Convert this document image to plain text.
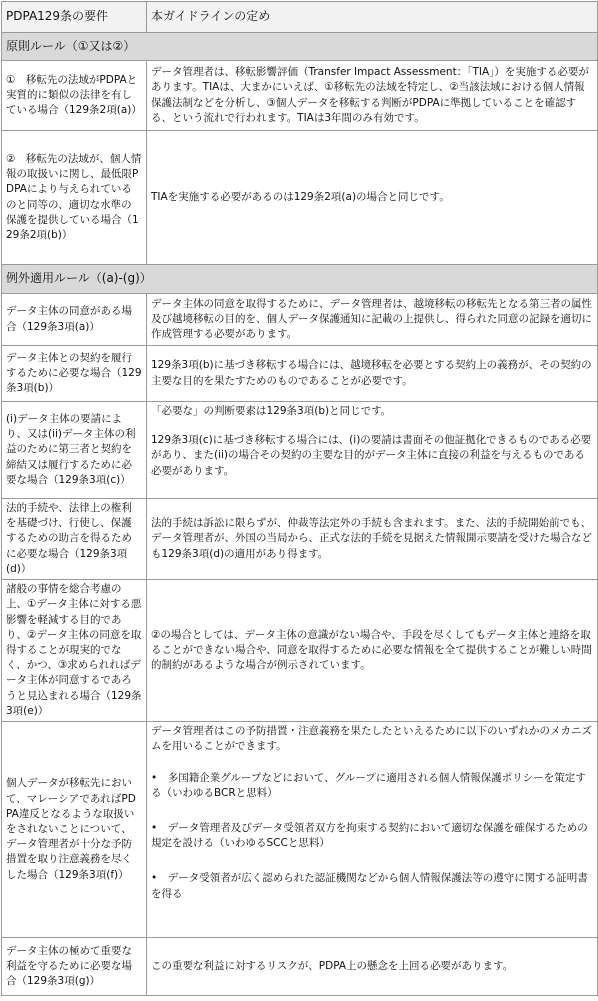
PDPA129条の要件	本ガイドラインの定め
原則ルール（①又は②）	
①　移転先の法域がPDPAと実質的に類似の法律を有している場合（129条2項(a)）	データ管理者は、移転影響評価（Transfer Impact Assessment：「TIA」）を実施する必要があります。TIAは、大まかにいえば、①移転先の法域を特定し、②当該法域における個人情報保護法制などを分析し、③個人データを移転する判断がPDPAに準拠していることを確認する、という流れで行われます。TIAは3年間のみ有効です。
②　移転先の法域が、個人情報の取扱いに関し、最低限PDPAにより与えられているのと同等の、適切な水準の保護を提供している場合（129条2項(b)）	TIAを実施する必要があるのは129条2項(a)の場合と同じです。
例外適用ルール（(a)-(g)）	
データ主体の同意がある場合（129条3項(a)）	データ主体の同意を取得するために、データ管理者は、越境移転の移転先となる第三者の属性及び越境移転の目的を、個人データ保護通知に記載の上提供し、得られた同意の記録を適切に作成管理する必要があります。
データ主体との契約を履行するために必要な場合（129条3項(b)）	129条3項(b)に基づき移転する場合には、越境移転を必要とする契約上の義務が、その契約の主要な目的を果たすためのものであることが必要です。
(i)データ主体の要請により、又は(ii)データ主体の利益のために第三者と契約を締結又は履行するために必要な場合（129条3項(c)）	「必要な」の判断要素は129条3項(b)と同じです。

129条3項(c)に基づき移転する場合には、(i)の要請は書面その他証拠化できるものである必要があり、また(ii)の場合その契約の主要な目的がデータ主体に直接の利益を与えるものである必要があります。

法的手続や、法律上の権利を基礎づけ、行使し、保護するための助言を得るために必要な場合（129条3項(d)）	法的手続は訴訟に限らずが、仲裁等法定外の手続も含まれます。また、法的手続開始前でも、データ管理者が、外国の当局から、正式な法的手続を見据えた情報開示要請を受けた場合なども129条3項(d)の適用があり得ます。
諸般の事情を総合考慮の上、①データ主体に対する悪影響を軽減する目的であり、②データ主体の同意を取得することが現実的でなく、かつ、③求められればデータ主体が同意するであろうと見込まれる場合（129条3項(e)）	②の場合としては、データ主体の意識がない場合や、手段を尽くしてもデータ主体と連絡を取ることができない場合や、同意を取得するために必要な情報を全て提供することが難しい時間的制約があるような場合が例示されています。
個人データが移転先において、マレーシアであればPDPA違反となるような取扱いをされないことについて、データ管理者が十分な予防措置を取り注意義務を尽くした場合（129条3項(f)）	データ管理者はこの予防措置・注意義務を果たしたといえるために以下のいずれかのメカニズムを用いることができます。

•　多国籍企業グループなどにおいて、グループに適用される個人情報保護ポリシーを策定する（いわゆるBCRと思料）

•　データ管理者及びデータ受領者双方を拘束する契約において適切な保護を確保するための規定を設ける（いわゆるSCCと思料）

•　データ受領者が広く認められた認証機関などから個人情報保護法等の遵守に関する証明書を得る

データ主体の極めて重要な利益を守るために必要な場合（129条3項(g)）	この重要な利益に対するリスクが、PDPA上の懸念を上回る必要があります。
